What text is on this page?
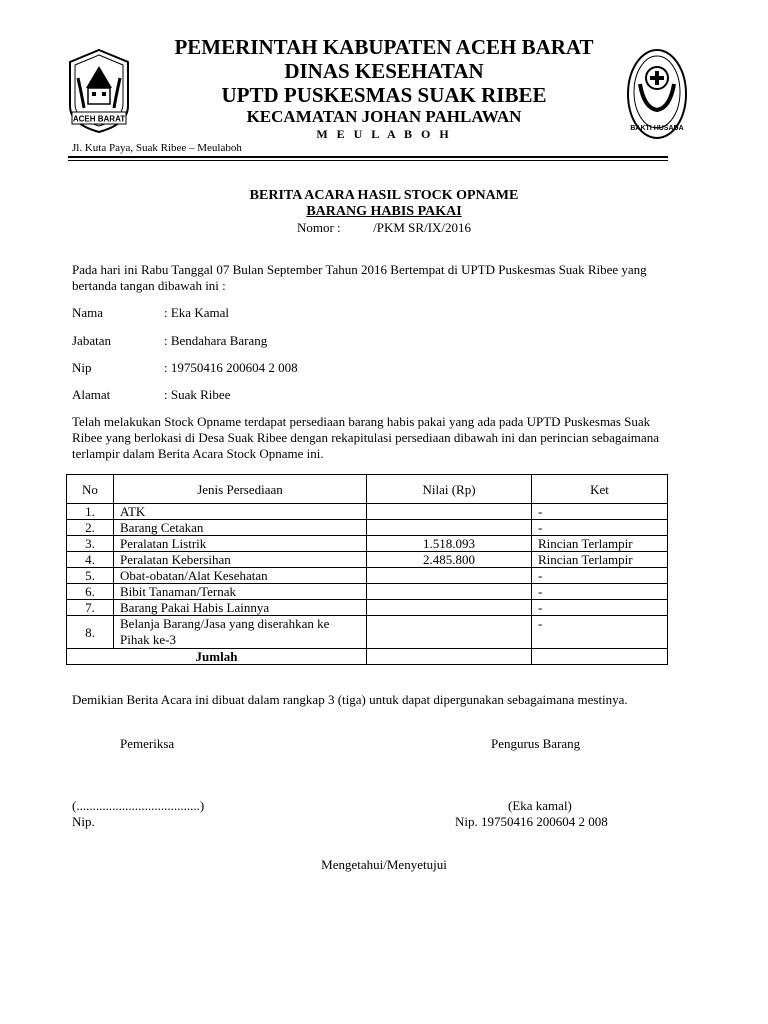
ACEH BARAT
BAKTI HUSADA
PEMERINTAH KABUPATEN ACEH BARAT
DINAS KESEHATAN
UPTD PUSKESMAS SUAK RIBEE
KECAMATAN JOHAN PAHLAWAN
M E U L A B O H
Jl. Kuta Paya, Suak Ribee – Meulaboh
BERITA ACARA HASIL STOCK OPNAME
BARANG HABIS PAKAI
Nomor :          /PKM SR/IX/2016
Pada hari ini Rabu Tanggal 07 Bulan September Tahun 2016 Bertempat di UPTD Puskesmas Suak Ribee yang bertanda tangan dibawah ini :
Nama	: Eka Kamal
Jabatan	: Bendahara Barang
Nip	: 19750416 200604 2 008
Alamat	: Suak Ribee
Telah melakukan Stock Opname terdapat persediaan barang habis pakai yang ada pada UPTD Puskesmas Suak Ribee yang berlokasi di Desa Suak Ribee dengan rekapitulasi persediaan dibawah ini dan perincian sebagaimana terlampir dalam Berita Acara Stock Opname ini.
No	Jenis Persediaan	Nilai (Rp)	Ket
1.	ATK		-
2.	Barang Cetakan		-
3.	Peralatan Listrik	1.518.093	Rincian Terlampir
4.	Peralatan Kebersihan	2.485.800	Rincian Terlampir
5.	Obat-obatan/Alat Kesehatan		-
6.	Bibit Tanaman/Ternak		-
7.	Barang Pakai Habis Lainnya		-
8.	Belanja Barang/Jasa yang diserahkan ke Pihak ke-3		-
Jumlah			
Demikian Berita Acara ini dibuat dalam rangkap 3 (tiga) untuk dapat dipergunakan sebagaimana mestinya.
Pemeriksa	Pengurus Barang
(......................................)	(Eka kamal)
Nip.	Nip. 19750416 200604 2 008
Mengetahui/Menyetujui
